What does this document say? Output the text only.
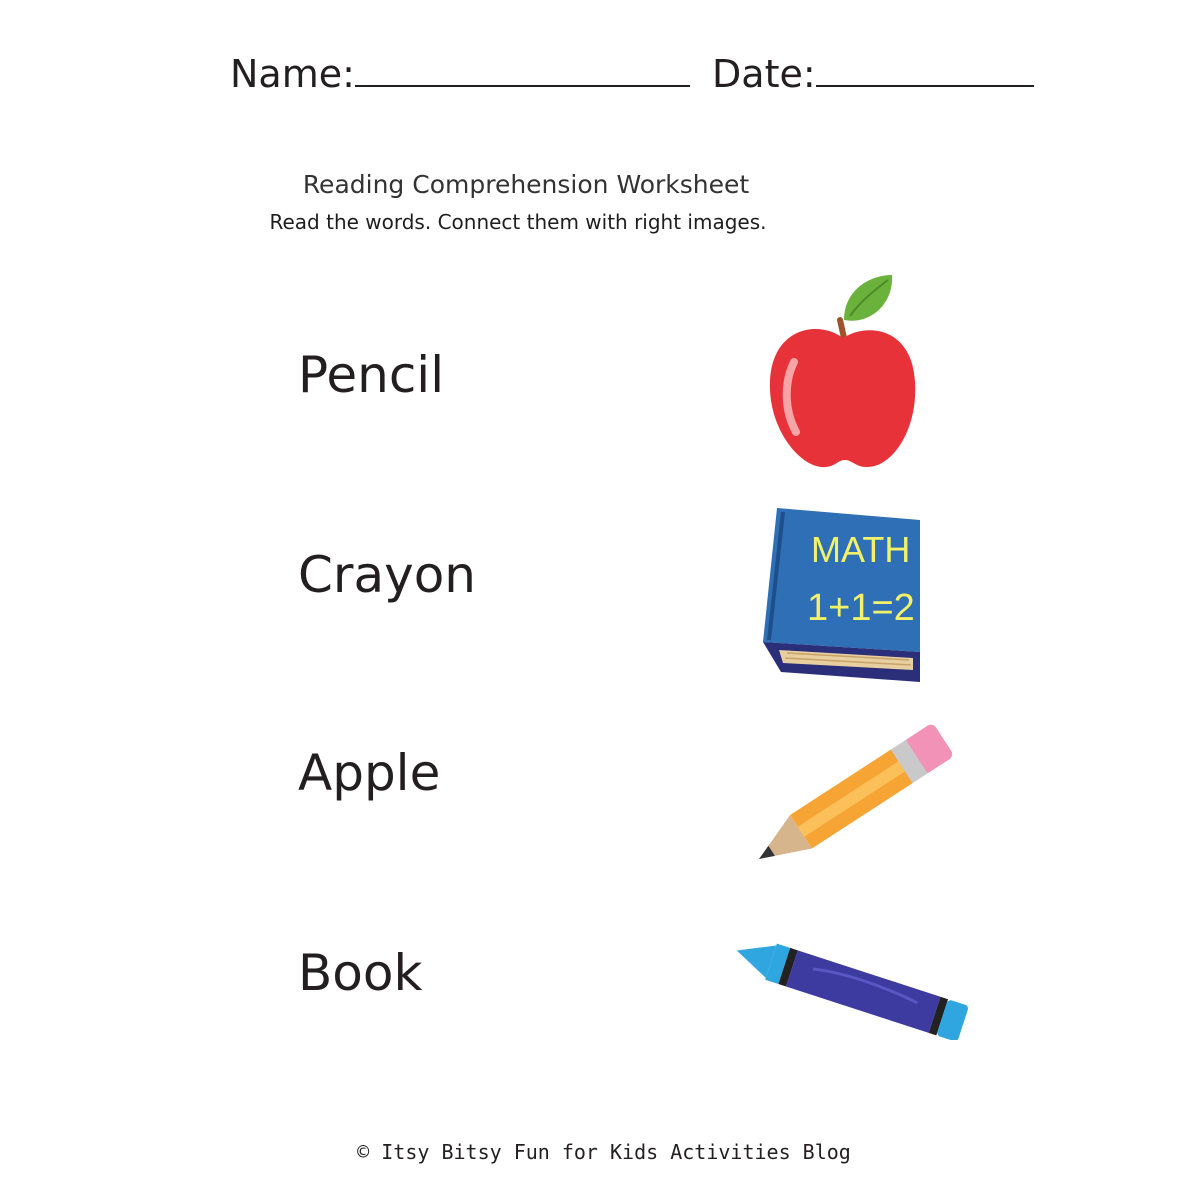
Name:	Date:
Reading Comprehension Worksheet
Read the words. Connect them with right images.
Pencil
Crayon
Apple
Book
MATH
1+1=2
© Itsy Bitsy Fun for Kids Activities Blog
